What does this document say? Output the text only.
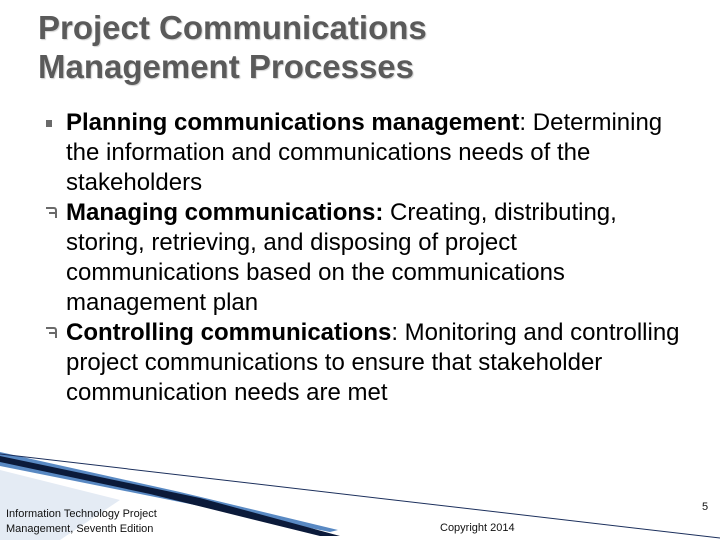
Project Communications
Management Processes
Planning communications management: Determining the information and communications needs of the stakeholders
Managing communications: Creating, distributing, storing, retrieving, and disposing of project communications based on the communications management plan
Controlling communications: Monitoring and controlling project communications to ensure that stakeholder communication needs are met
Information Technology Project
Management, Seventh Edition	Copyright 2014
5
